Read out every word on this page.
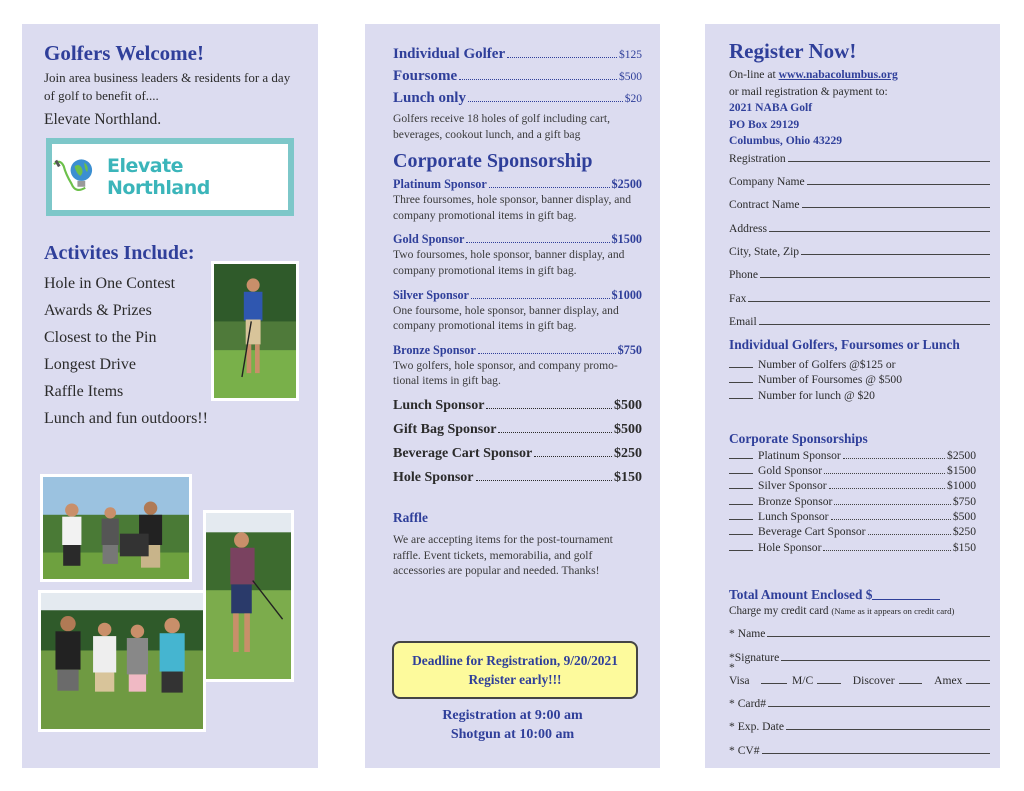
Golfers Welcome!
Join area business leaders & residents for a day of golf to benefit of....
Elevate Northland.
Elevate Northland
Activites Include:
Hole in One Contest
Awards & Prizes
Closest to the Pin
Longest Drive
Raffle Items
Lunch and fun outdoors!!
Individual Golfer	$125
Foursome	$500
Lunch only	$20
Golfers receive 18 holes of golf including cart, beverages, cookout lunch, and a gift bag
Corporate Sponsorship
Platinum Sponsor	$2500
Three foursomes, hole sponsor, banner display, and company promotional items in gift bag.
Gold Sponsor	$1500
Two foursomes, hole sponsor, banner display, and company promotional items in gift bag.
Silver Sponsor	$1000
One foursome, hole sponsor, banner display, and company promotional items in gift bag.
Bronze Sponsor	$750
Two golfers, hole sponsor, and company promo-tional items in gift bag.
Lunch Sponsor	$500
Gift Bag Sponsor	$500
Beverage Cart Sponsor	$250
Hole Sponsor	$150
Raffle
We are accepting items for the post-tournament raffle. Event tickets, memorabilia, and golf accessories are popular and needed. Thanks!
Deadline for Registration, 9/20/2021
Register early!!!
Registration at 9:00 am
Shotgun at 10:00 am
Register Now!
On-line at www.nabacolumbus.org
or mail registration & payment to:
2021 NABA Golf
PO Box 29129
Columbus, Ohio 43229
Registration
Company Name
Contract Name
Address
City, State, Zip
Phone
Fax
Email
Individual Golfers, Foursomes or Lunch
Number of Golfers @$125 or
Number of Foursomes @ $500
Number for lunch @ $20
Corporate Sponsorships
Platinum Sponsor	$2500
Gold Sponsor	$1500
Silver Sponsor	$1000
Bronze Sponsor	$750
Lunch Sponsor	$500
Beverage Cart Sponsor	$250
Hole Sponsor	$150
Total Amount Enclosed $
Charge my credit card (Name as it appears on credit card)
* Name
*Signature
* Visa	M/C	Discover	Amex
* Card#
* Exp. Date
* CV#
